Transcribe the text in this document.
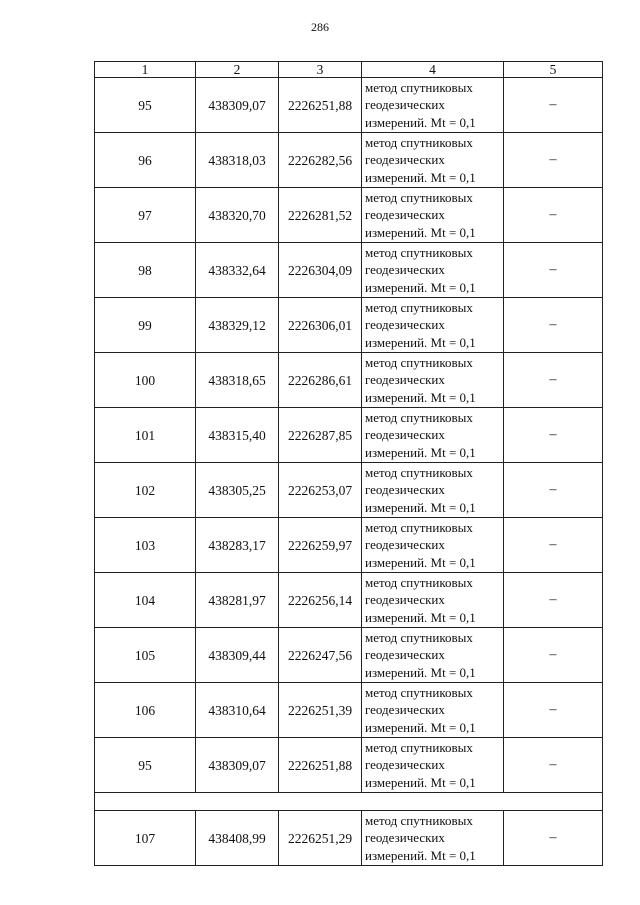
286
1	2	3	4	5
95	438309,07	2226251,88	метод спутниковых геодезических измерений. Mt = 0,1	–
96	438318,03	2226282,56	метод спутниковых геодезических измерений. Mt = 0,1	–
97	438320,70	2226281,52	метод спутниковых геодезических измерений. Mt = 0,1	–
98	438332,64	2226304,09	метод спутниковых геодезических измерений. Mt = 0,1	–
99	438329,12	2226306,01	метод спутниковых геодезических измерений. Mt = 0,1	–
100	438318,65	2226286,61	метод спутниковых геодезических измерений. Mt = 0,1	–
101	438315,40	2226287,85	метод спутниковых геодезических измерений. Mt = 0,1	–
102	438305,25	2226253,07	метод спутниковых геодезических измерений. Mt = 0,1	–
103	438283,17	2226259,97	метод спутниковых геодезических измерений. Mt = 0,1	–
104	438281,97	2226256,14	метод спутниковых геодезических измерений. Mt = 0,1	–
105	438309,44	2226247,56	метод спутниковых геодезических измерений. Mt = 0,1	–
106	438310,64	2226251,39	метод спутниковых геодезических измерений. Mt = 0,1	–
95	438309,07	2226251,88	метод спутниковых геодезических измерений. Mt = 0,1	–

107	438408,99	2226251,29	метод спутниковых геодезических измерений. Mt = 0,1	–
